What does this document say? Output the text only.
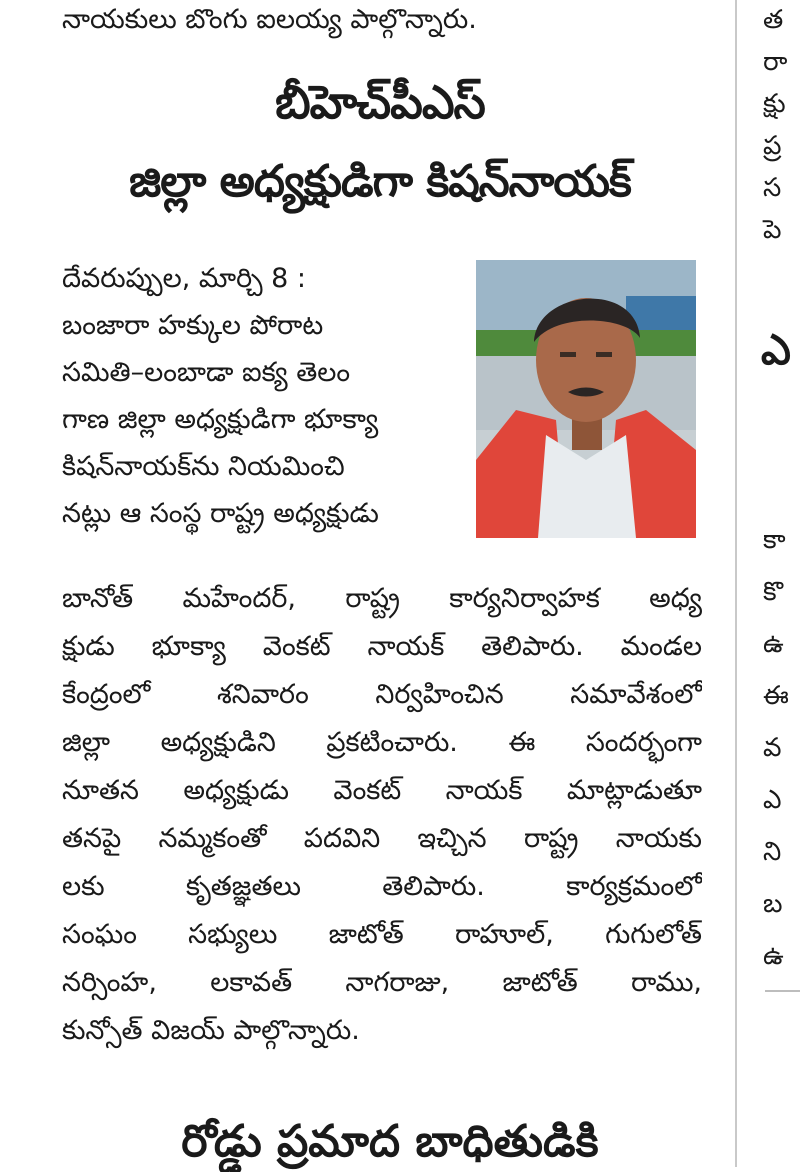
నాయకులు బొంగు ఐలయ్య పాల్గొన్నారు.
బీహెచ్‌పీఎస్
జిల్లా అధ్యక్షుడిగా కిషన్‌నాయక్
దేవరుప్పుల, మార్చి 8 :
బంజారా హక్కుల పోరాట
సమితి–లంబాడా ఐక్య తెలం
గాణ జిల్లా అధ్యక్షుడిగా భూక్యా
కిషన్‌నాయక్‌ను నియమించి
నట్లు ఆ సంస్థ రాష్ట్ర అధ్యక్షుడు
బానోత్ మహేందర్, రాష్ట్ర కార్యనిర్వాహక అధ్య
క్షుడు భూక్యా వెంకట్ నాయక్ తెలిపారు. మండల
కేంద్రంలో శనివారం నిర్వహించిన సమావేశంలో
జిల్లా అధ్యక్షుడిని ప్రకటించారు. ఈ సందర్భంగా
నూతన అధ్యక్షుడు వెంకట్ నాయక్ మాట్లాడుతూ
తనపై నమ్మకంతో పదవిని ఇచ్చిన రాష్ట్ర నాయకు
లకు కృతజ్ఞతలు తెలిపారు. కార్యక్రమంలో
సంఘం సభ్యులు జాటోత్ రాహూల్, గుగులోత్
నర్సింహ, లకావత్ నాగరాజు, జాటోత్ రాము,
కున్సోత్ విజయ్ పాల్గొన్నారు.
రోడ్డు ప్రమాద బాధితుడికి
త
రా
క్షు
ప్ర
స
పె
ఎ
కా
కొ
ఉ
ఈ
వ
ఎ
ని
బ
ఉ
